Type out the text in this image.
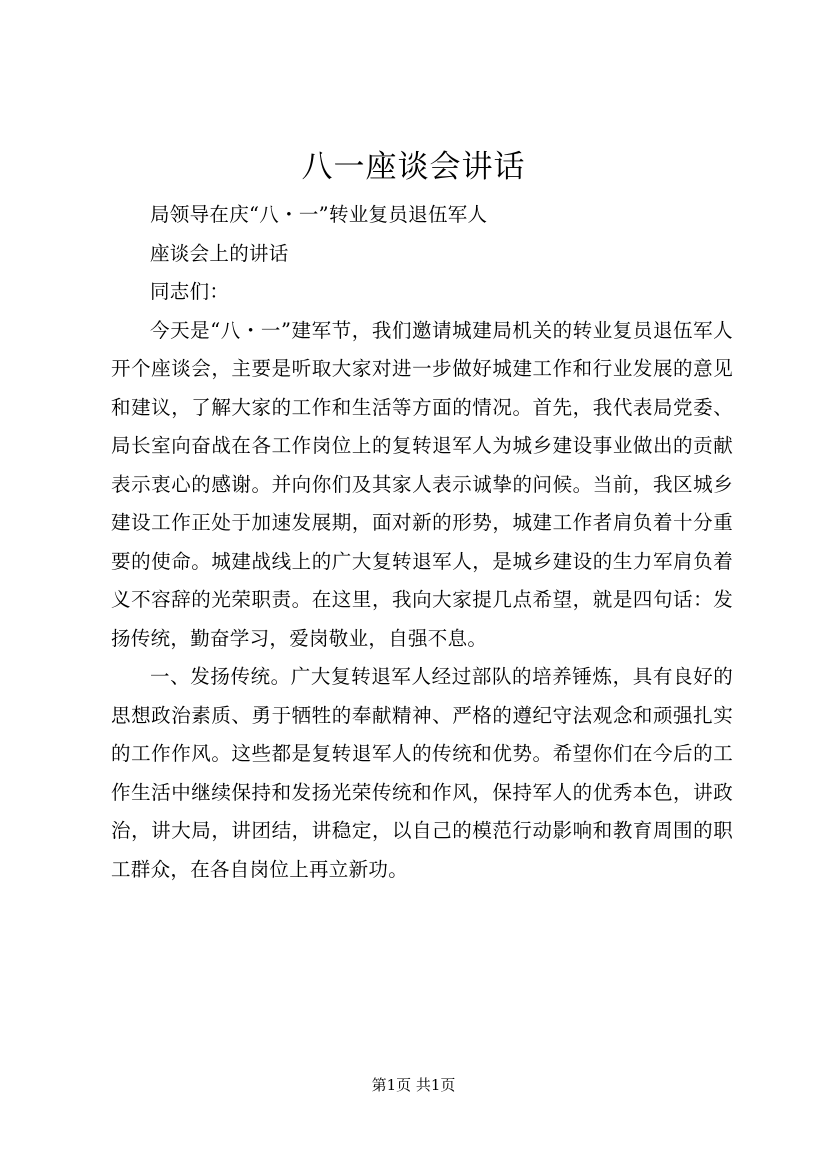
八一座谈会讲话

局领导在庆“八・一”转业复员退伍军人

座谈会上的讲话

同志们：

今天是“八・一”建军节，我们邀请城建局机关的转业复员退伍军人开个座谈会，主要是听取大家对进一步做好城建工作和行业发展的意见和建议，了解大家的工作和生活等方面的情况。首先，我代表局党委、局长室向奋战在各工作岗位上的复转退军人为城乡建设事业做出的贡献表示衷心的感谢。并向你们及其家人表示诚挚的问候。当前，我区城乡建设工作正处于加速发展期，面对新的形势，城建工作者肩负着十分重要的使命。城建战线上的广大复转退军人，是城乡建设的生力军肩负着义不容辞的光荣职责。在这里，我向大家提几点希望，就是四句话：发扬传统，勤奋学习，爱岗敬业，自强不息。

一、发扬传统。广大复转退军人经过部队的培养锤炼，具有良好的思想政治素质、勇于牺牲的奉献精神、严格的遵纪守法观念和顽强扎实的工作作风。这些都是复转退军人的传统和优势。希望你们在今后的工作生活中继续保持和发扬光荣传统和作风，保持军人的优秀本色，讲政治，讲大局，讲团结，讲稳定，以自己的模范行动影响和教育周围的职工群众，在各自岗位上再立新功。

第1页 共1页
